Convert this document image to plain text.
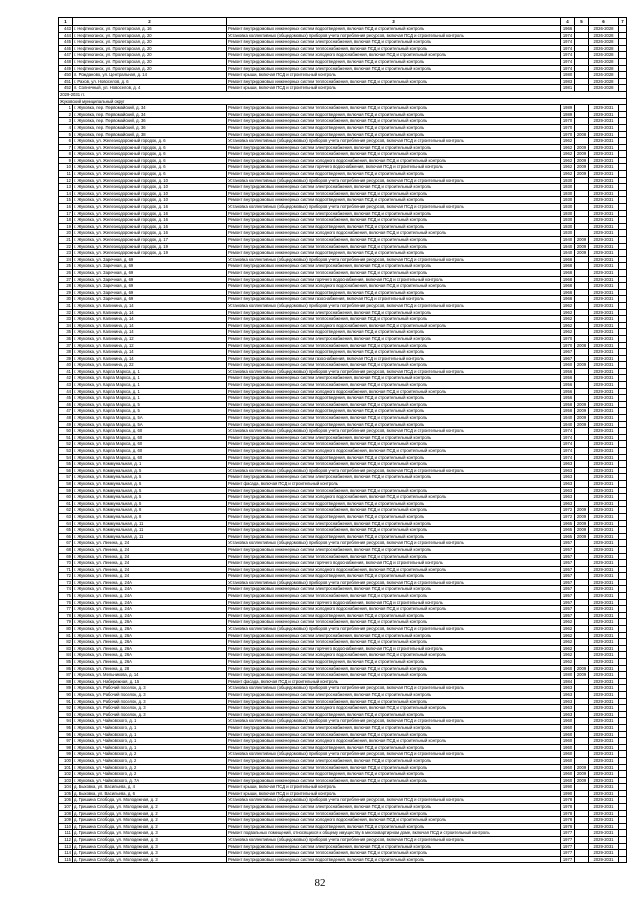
1	2	3	4	5	6	7
443	г. Нефтеюганск, ул. Пролетарская, д. 16	Ремонт внутридомовых инженерных систем водоотведения, включая ПСД и строительный контроль	1966		2026-2028	
444	г. Нефтеюганск, ул. Пролетарская, д. 20	Установка коллективных (общедомовых) приборов учета потребления ресурсов, включая ПСД и строительный контроль	1974		2026-2028	
445	г. Нефтеюганск, ул. Пролетарская, д. 20	Ремонт внутридомовых инженерных систем электроснабжения, включая ПСД и строительный контроль	1974		2026-2028	
446	г. Нефтеюганск, ул. Пролетарская, д. 20	Ремонт внутридомовых инженерных систем теплоснабжения, включая ПСД и строительный контроль	1974		2026-2028	
447	г. Нефтеюганск, ул. Пролетарская, д. 20	Ремонт внутридомовых инженерных систем холодного водоснабжения, включая ПСД и строительный контроль	1974		2026-2028	
448	г. Нефтеюганск, ул. Пролетарская, д. 20	Ремонт внутридомовых инженерных систем водоотведения, включая ПСД и строительный контроль	1974		2026-2028	
449	г. Нефтеюганск, ул. Пролетарская, д. 20	Ремонт внутридомовых инженерных систем электроснабжения, включая ПСД и строительный контроль	1974		2026-2028	
450	п. Рожданово, ул. Центральная, д. 14	Ремонт крыши, включая ПСД и строительный контроль	1980		2026-2028	
451	г. Рахов, ул. Новоселов, д. 6	Ремонт внутридомовых инженерных систем теплоснабжения, включая ПСД и строительный контроль	1983		2026-2028	
452	п. Солнечный, ул. Новоселов, д. 4	Ремонт крыши, включая ПСД и строительный контроль	1981		2026-2028	
2029-2031 гг.						
Жуковский муниципальный округ						
1	г. Жуковка, пер. Первомайский, д. 34	Ремонт внутридомовых инженерных систем теплоснабжения, включая ПСД и строительный контроль	1989		2029-2031	
2	г. Жуковка, пер. Первомайский, д. 34	Ремонт внутридомовых инженерных систем водоотведения, включая ПСД и строительный контроль	1989		2029-2031	
3	г. Жуковка, пер. Первомайский, д. 36	Ремонт внутридомовых инженерных систем теплоснабжения, включая ПСД и строительный контроль	1970		2029-2031	
4	г. Жуковка, пер. Первомайский, д. 36	Ремонт внутридомовых инженерных систем водоотведения, включая ПСД и строительный контроль	1970		2029-2031	
5	г. Жуковка, пер. Первомайский, д. 38	Ремонт внутридомовых инженерных систем водоотведения, включая ПСД и строительный контроль	1970	2008	2029-2031	
6	г. Жуковка, ул. Железнодорожный городок, д. 6	Установка коллективных (общедомовых) приборов учета потребления ресурсов, включая ПСД и строительный контроль	1962		2029-2031	
7	г. Жуковка, ул. Железнодорожный городок, д. 6	Ремонт внутридомовых инженерных систем электроснабжения, включая ПСД и строительный контроль	1962	2009	2029-2031	
8	г. Жуковка, ул. Железнодорожный городок, д. 6	Ремонт внутридомовых инженерных систем теплоснабжения, включая ПСД и строительный контроль	1962	2009	2029-2031	
9	г. Жуковка, ул. Железнодорожный городок, д. 6	Ремонт внутридомовых инженерных систем холодного водоснабжения, включая ПСД и строительный контроль	1962	2009	2029-2031	
10	г. Жуковка, ул. Железнодорожный городок, д. 6	Ремонт внутридомовых инженерных систем горячего водоснабжения, включая ПСД и строительный контроль	1962	2009	2029-2031	
11	г. Жуковка, ул. Железнодорожный городок, д. 6	Ремонт внутридомовых инженерных систем водоотведения, включая ПСД и строительный контроль	1962	2009	2029-2031	
12	г. Жуковка, ул. Железнодорожный городок, д. 10	Установка коллективных (общедомовых) приборов учета потребления ресурсов, включая ПСД и строительный контроль	1930		2029-2031	
13	г. Жуковка, ул. Железнодорожный городок, д. 10	Ремонт внутридомовых инженерных систем электроснабжения, включая ПСД и строительный контроль	1930		2029-2031	
14	г. Жуковка, ул. Железнодорожный городок, д. 10	Ремонт внутридомовых инженерных систем теплоснабжения, включая ПСД и строительный контроль	1930		2029-2031	
15	г. Жуковка, ул. Железнодорожный городок, д. 10	Ремонт внутридомовых инженерных систем водоотведения, включая ПСД и строительный контроль	1930		2029-2031	
16	г. Жуковка, ул. Железнодорожный городок, д. 16	Установка коллективных (общедомовых) приборов учета потребления ресурсов, включая ПСД и строительный контроль	1930		2029-2031	
17	г. Жуковка, ул. Железнодорожный городок, д. 16	Ремонт внутридомовых инженерных систем электроснабжения, включая ПСД и строительный контроль	1930		2029-2031	
18	г. Жуковка, ул. Железнодорожный городок, д. 16	Ремонт внутридомовых инженерных систем теплоснабжения, включая ПСД и строительный контроль	1930		2029-2031	
19	г. Жуковка, ул. Железнодорожный городок, д. 16	Ремонт внутридомовых инженерных систем водоотведения, включая ПСД и строительный контроль	1930		2029-2031	
20	г. Жуковка, ул. Железнодорожный городок, д. 16	Ремонт внутридомовых инженерных систем холодного водоснабжения, включая ПСД и строительный контроль	1930		2029-2031	
21	г. Жуковка, ул. Железнодорожный городок, д. 17	Ремонт внутридомовых инженерных систем теплоснабжения, включая ПСД и строительный контроль	1940	2009	2029-2031	
22	г. Жуковка, ул. Железнодорожный городок, д. 19	Ремонт внутридомовых инженерных систем теплоснабжения, включая ПСД и строительный контроль	1940	2009	2029-2031	
23	г. Жуковка, ул. Железнодорожный городок, д. 19	Ремонт внутридомовых инженерных систем водоотведения, включая ПСД и строительный контроль	1940	2009	2029-2031	
24	г. Жуковка, ул. Заречная, д. 69	Установка коллективных (общедомовых) приборов учета потребления ресурсов, включая ПСД и строительный контроль	1968		2029-2031	
25	г. Жуковка, ул. Заречная, д. 69	Ремонт внутридомовых инженерных систем электроснабжения, включая ПСД и строительный контроль	1968		2029-2031	
26	г. Жуковка, ул. Заречная, д. 69	Ремонт внутридомовых инженерных систем теплоснабжения, включая ПСД и строительный контроль	1968		2029-2031	
27	г. Жуковка, ул. Заречная, д. 69	Ремонт внутридомовых инженерных систем горячего водоснабжения, включая ПСД и строительный контроль	1968		2029-2031	
28	г. Жуковка, ул. Заречная, д. 69	Ремонт внутридомовых инженерных систем холодного водоснабжения, включая ПСД и строительный контроль	1968		2029-2031	
29	г. Жуковка, ул. Заречная, д. 69	Ремонт внутридомовых инженерных систем водоотведения, включая ПСД и строительный контроль	1968		2029-2031	
30	г. Жуковка, ул. Заречная, д. 69	Ремонт внутридомовых инженерных систем газоснабжения, включая ПСД и строительный контроль	1968		2029-2031	
31	г. Жуковка, ул. Калинина, д. 14	Установка коллективных (общедомовых) приборов учета потребления ресурсов, включая ПСД и строительный контроль	1962		2029-2031	
32	г. Жуковка, ул. Калинина, д. 14	Ремонт внутридомовых инженерных систем электроснабжения, включая ПСД и строительный контроль	1962		2029-2031	
33	г. Жуковка, ул. Калинина, д. 14	Ремонт внутридомовых инженерных систем теплоснабжения, включая ПСД и строительный контроль	1962		2029-2031	
34	г. Жуковка, ул. Калинина, д. 14	Ремонт внутридомовых инженерных систем холодного водоснабжения, включая ПСД и строительный контроль	1962		2029-2031	
35	г. Жуковка, ул. Калинина, д. 14	Ремонт внутридомовых инженерных систем водоотведения, включая ПСД и строительный контроль	1962		2029-2031	
36	г. Жуковка, ул. Калинина, д. 12	Ремонт внутридомовых инженерных систем электроснабжения, включая ПСД и строительный контроль	1970		2029-2031	
37	г. Жуковка, ул. Калинина, д. 12	Ремонт внутридомовых инженерных систем теплоснабжения, включая ПСД и строительный контроль	1970	2008	2029-2031	
38	г. Жуковка, ул. Калинина, д. 14	Ремонт внутридомовых инженерных систем водоотведения, включая ПСД и строительный контроль	1967		2029-2031	
39	г. Жуковка, ул. Калинина, д. 14	Ремонт внутридомовых инженерных систем газоснабжения, включая ПСД и строительный контроль	1967		2029-2031	
40	г. Жуковка, ул. Калинина, д. 22	Ремонт внутридомовых инженерных систем теплоснабжения, включая ПСД и строительный контроль	1960	2009	2029-2031	
41	г. Жуковка, ул. Карла Маркса, д. 1	Установка коллективных (общедомовых) приборов учета потребления ресурсов, включая ПСД и строительный контроль	1956		2029-2031	
42	г. Жуковка, ул. Карла Маркса, д. 1	Ремонт внутридомовых инженерных систем электроснабжения, включая ПСД и строительный контроль	1956		2029-2031	
43	г. Жуковка, ул. Карла Маркса, д. 1	Ремонт внутридомовых инженерных систем теплоснабжения, включая ПСД и строительный контроль	1956		2029-2031	
44	г. Жуковка, ул. Карла Маркса, д. 1	Ремонт внутридомовых инженерных систем холодного водоснабжения, включая ПСД и строительный контроль	1956		2029-2031	
45	г. Жуковка, ул. Карла Маркса, д. 1	Ремонт внутридомовых инженерных систем водоотведения, включая ПСД и строительный контроль	1956		2029-2031	
46	г. Жуковка, ул. Карла Маркса, д. 5	Ремонт внутридомовых инженерных систем теплоснабжения, включая ПСД и строительный контроль	1958	2009	2029-2031	
47	г. Жуковка, ул. Карла Маркса, д. 5	Ремонт внутридомовых инженерных систем водоотведения, включая ПСД и строительный контроль	1958	2009	2029-2031	
48	г. Жуковка, ул. Карла Маркса, д. 5А	Ремонт внутридомовых инженерных систем теплоснабжения, включая ПСД и строительный контроль	1940	2009	2029-2031	
49	г. Жуковка, ул. Карла Маркса, д. 5А	Ремонт внутридомовых инженерных систем водоотведения, включая ПСД и строительный контроль	1940	2009	2029-2031	
50	г. Жуковка, ул. Карла Маркса, д. 60	Установка коллективных (общедомовых) приборов учета потребления ресурсов, включая ПСД и строительный контроль	1974		2029-2031	
51	г. Жуковка, ул. Карла Маркса, д. 60	Ремонт внутридомовых инженерных систем электроснабжения, включая ПСД и строительный контроль	1974		2029-2031	
52	г. Жуковка, ул. Карла Маркса, д. 60	Ремонт внутридомовых инженерных систем теплоснабжения, включая ПСД и строительный контроль	1974		2029-2031	
53	г. Жуковка, ул. Карла Маркса, д. 60	Ремонт внутридомовых инженерных систем холодного водоснабжения, включая ПСД и строительный контроль	1974		2029-2031	
54	г. Жуковка, ул. Карла Маркса, д. 60	Ремонт внутридомовых инженерных систем водоотведения, включая ПСД и строительный контроль	1974		2029-2031	
55	г. Жуковка, ул. Коммунальная, д. 1	Ремонт внутридомовых инженерных систем теплоснабжения, включая ПСД и строительный контроль	1963		2029-2031	
56	г. Жуковка, ул. Коммунальная, д. 5	Установка коллективных (общедомовых) приборов учета потребления ресурсов, включая ПСД и строительный контроль	1963		2029-2031	
57	г. Жуковка, ул. Коммунальная, д. 5	Ремонт внутридомовых инженерных систем электроснабжения, включая ПСД и строительный контроль	1963		2029-2031	
58	г. Жуковка, ул. Коммунальная, д. 5	Ремонт фасада, включая ПСД и строительный контроль	1963		2029-2031	
59	г. Жуковка, ул. Коммунальная, д. 5	Ремонт внутридомовых инженерных систем теплоснабжения, включая ПСД и строительный контроль	1963		2029-2031	
60	г. Жуковка, ул. Коммунальная, д. 5	Ремонт внутридомовых инженерных систем холодного водоснабжения, включая ПСД и строительный контроль	1963		2029-2031	
61	г. Жуковка, ул. Коммунальная, д. 5	Ремонт внутридомовых инженерных систем водоотведения, включая ПСД и строительный контроль	1963		2029-2031	
62	г. Жуковка, ул. Коммунальная, д. 8	Ремонт внутридомовых инженерных систем теплоснабжения, включая ПСД и строительный контроль	1972	2009	2029-2031	
63	г. Жуковка, ул. Коммунальная, д. 8	Ремонт внутридомовых инженерных систем водоотведения, включая ПСД и строительный контроль	1972	2009	2029-2031	
64	г. Жуковка, ул. Коммунальная, д. 11	Ремонт внутридомовых инженерных систем электроснабжения, включая ПСД и строительный контроль	1965	2009	2029-2031	
65	г. Жуковка, ул. Коммунальная, д. 11	Ремонт внутридомовых инженерных систем теплоснабжения, включая ПСД и строительный контроль	1965	2009	2029-2031	
66	г. Жуковка, ул. Коммунальная, д. 11	Ремонт внутридомовых инженерных систем водоотведения, включая ПСД и строительный контроль	1965	2009	2029-2031	
67	г. Жуковка, ул. Ленина, д. 24	Установка коллективных (общедомовых) приборов учета потребления ресурсов, включая ПСД и строительный контроль	1957		2029-2031	
68	г. Жуковка, ул. Ленина, д. 24	Ремонт внутридомовых инженерных систем электроснабжения, включая ПСД и строительный контроль	1957		2029-2031	
69	г. Жуковка, ул. Ленина, д. 24	Ремонт внутридомовых инженерных систем теплоснабжения, включая ПСД и строительный контроль	1957		2029-2031	
70	г. Жуковка, ул. Ленина, д. 24	Ремонт внутридомовых инженерных систем горячего водоснабжения, включая ПСД и строительный контроль	1957		2029-2031	
71	г. Жуковка, ул. Ленина, д. 24	Ремонт внутридомовых инженерных систем холодного водоснабжения, включая ПСД и строительный контроль	1957		2029-2031	
72	г. Жуковка, ул. Ленина, д. 24	Ремонт внутридомовых инженерных систем водоотведения, включая ПСД и строительный контроль	1957		2029-2031	
73	г. Жуковка, ул. Ленина, д. 24А	Установка коллективных (общедомовых) приборов учета потребления ресурсов, включая ПСД и строительный контроль	1957		2029-2031	
74	г. Жуковка, ул. Ленина, д. 24А	Ремонт внутридомовых инженерных систем электроснабжения, включая ПСД и строительный контроль	1957		2029-2031	
75	г. Жуковка, ул. Ленина, д. 24А	Ремонт внутридомовых инженерных систем теплоснабжения, включая ПСД и строительный контроль	1957		2029-2031	
76	г. Жуковка, ул. Ленина, д. 24А	Ремонт внутридомовых инженерных систем горячего водоснабжения, включая ПСД и строительный контроль	1957		2029-2031	
77	г. Жуковка, ул. Ленина, д. 24А	Ремонт внутридомовых инженерных систем холодного водоснабжения, включая ПСД и строительный контроль	1957		2029-2031	
78	г. Жуковка, ул. Ленина, д. 24А	Ремонт внутридомовых инженерных систем водоотведения, включая ПСД и строительный контроль	1957		2029-2031	
79	г. Жуковка, ул. Ленина, д. 26А	Ремонт внутридомовых инженерных систем теплоснабжения, включая ПСД и строительный контроль	1962		2029-2031	
80	г. Жуковка, ул. Ленина, д. 26А	Установка коллективных (общедомовых) приборов учета потребления ресурсов, включая ПСД и строительный контроль	1962		2029-2031	
81	г. Жуковка, ул. Ленина, д. 26А	Ремонт внутридомовых инженерных систем электроснабжения, включая ПСД и строительный контроль	1962		2029-2031	
82	г. Жуковка, ул. Ленина, д. 26А	Ремонт внутридомовых инженерных систем теплоснабжения, включая ПСД и строительный контроль	1962		2029-2031	
83	г. Жуковка, ул. Ленина, д. 26А	Ремонт внутридомовых инженерных систем горячего водоснабжения, включая ПСД и строительный контроль	1962		2029-2031	
84	г. Жуковка, ул. Ленина, д. 26А	Ремонт внутридомовых инженерных систем холодного водоснабжения, включая ПСД и строительный контроль	1962		2029-2031	
85	г. Жуковка, ул. Ленина, д. 26А	Ремонт внутридомовых инженерных систем водоотведения, включая ПСД и строительный контроль	1962		2029-2031	
86	г. Жуковка, ул. Ленина, д. 28	Ремонт внутридомовых инженерных систем теплоснабжения, включая ПСД и строительный контроль	1960	2009	2029-2031	
87	г. Жуковка, ул. Мельникова, д. 14	Ремонт внутридомовых инженерных систем теплоснабжения, включая ПСД и строительный контроль	1980	2009	2029-2031	
88	г. Жуковка, ул. Набережная, д. 15	Ремонт фасада, включая ПСД и строительный контроль	1984		2029-2031	
89	г. Жуковка, ул. Рабочий поселок, д. 3	Установка коллективных (общедомовых) приборов учета потребления ресурсов, включая ПСД и строительный контроль	1963		2029-2031	
90	г. Жуковка, ул. Рабочий поселок, д. 3	Ремонт внутридомовых инженерных систем электроснабжения, включая ПСД и строительный контроль	1963		2029-2031	
91	г. Жуковка, ул. Рабочий поселок, д. 3	Ремонт внутридомовых инженерных систем теплоснабжения, включая ПСД и строительный контроль	1963		2029-2031	
92	г. Жуковка, ул. Рабочий поселок, д. 3	Ремонт внутридомовых инженерных систем холодного водоснабжения, включая ПСД и строительный контроль	1963		2029-2031	
93	г. Жуковка, ул. Рабочий поселок, д. 3	Ремонт внутридомовых инженерных систем водоотведения, включая ПСД и строительный контроль	1963		2029-2031	
94	г. Жуковка, ул. Чайковского, д. 1	Установка коллективных (общедомовых) приборов учета потребления ресурсов, включая ПСД и строительный контроль	1960		2029-2031	
95	г. Жуковка, ул. Чайковского, д. 1	Ремонт внутридомовых инженерных систем электроснабжения, включая ПСД и строительный контроль	1960		2029-2031	
96	г. Жуковка, ул. Чайковского, д. 1	Ремонт внутридомовых инженерных систем теплоснабжения, включая ПСД и строительный контроль	1960		2029-2031	
97	г. Жуковка, ул. Чайковского, д. 1	Ремонт внутридомовых инженерных систем холодного водоснабжения, включая ПСД и строительный контроль	1960		2029-2031	
98	г. Жуковка, ул. Чайковского, д. 1	Ремонт внутридомовых инженерных систем водоотведения, включая ПСД и строительный контроль	1960		2029-2031	
99	г. Жуковка, ул. Чайковского, д. 2	Установка коллективных (общедомовых) приборов учета потребления ресурсов, включая ПСД и строительный контроль	1960		2029-2031	
100	г. Жуковка, ул. Чайковского, д. 2	Ремонт внутридомовых инженерных систем электроснабжения, включая ПСД и строительный контроль	1960		2029-2031	
101	г. Жуковка, ул. Чайковского, д. 2	Ремонт внутридомовых инженерных систем теплоснабжения, включая ПСД и строительный контроль	1960	2009	2029-2031	
102	г. Жуковка, ул. Чайковского, д. 2	Ремонт внутридомовых инженерных систем водоотведения, включая ПСД и строительный контроль	1960	2009	2029-2031	
103	г. Жуковка, ул. Чайковского, д. 7А	Ремонт внутридомовых инженерных систем теплоснабжения, включая ПСД и строительный контроль	1960	2009	2029-2031	
104	д. Быховка, ул. Васильева, д. 4	Ремонт крыши, включая ПСД и строительный контроль	1990		2029-2031	
105	д. Быховка, ул. Васильева, д. 6	Ремонт крыши, включая ПСД и строительный контроль	1990		2029-2031	
106	д. Гришина Слобода, ул. Молодежная, д. 2	Установка коллективных (общедомовых) приборов учета потребления ресурсов, включая ПСД и строительный контроль	1978		2029-2031	
107	д. Гришина Слобода, ул. Молодежная, д. 2	Ремонт внутридомовых инженерных систем электроснабжения, включая ПСД и строительный контроль	1978		2029-2031	
108	д. Гришина Слобода, ул. Молодежная, д. 2	Ремонт внутридомовых инженерных систем теплоснабжения, включая ПСД и строительный контроль	1978		2029-2031	
109	д. Гришина Слобода, ул. Молодежная, д. 2	Ремонт внутридомовых инженерных систем холодного водоснабжения, включая ПСД и строительный контроль	1978		2029-2031	
110	д. Гришина Слобода, ул. Молодежная, д. 2	Ремонт внутридомовых инженерных систем водоотведения, включая ПСД и строительный контроль	1978		2029-2031	
111	д. Гришина Слобода, ул. Молодежная, д. 3	Ремонт подвальных помещений, относящихся к общему имуществу в многоквартирном доме, включая ПСД и строительный контроль	1977		2029-2031	
112	д. Гришина Слобода, ул. Молодежная, д. 3	Установка коллективных (общедомовых) приборов учета потребления ресурсов, включая ПСД и строительный контроль	1977		2029-2031	
113	д. Гришина Слобода, ул. Молодежная, д. 3	Ремонт внутридомовых инженерных систем электроснабжения, включая ПСД и строительный контроль	1977		2029-2031	
114	д. Гришина Слобода, ул. Молодежная, д. 3	Ремонт внутридомовых инженерных систем теплоснабжения, включая ПСД и строительный контроль	1977		2029-2031	
115	д. Гришина Слобода, ул. Молодежная, д. 3	Ремонт внутридомовых инженерных систем водоотведения, включая ПСД и строительный контроль	1977		2029-2031	
82
